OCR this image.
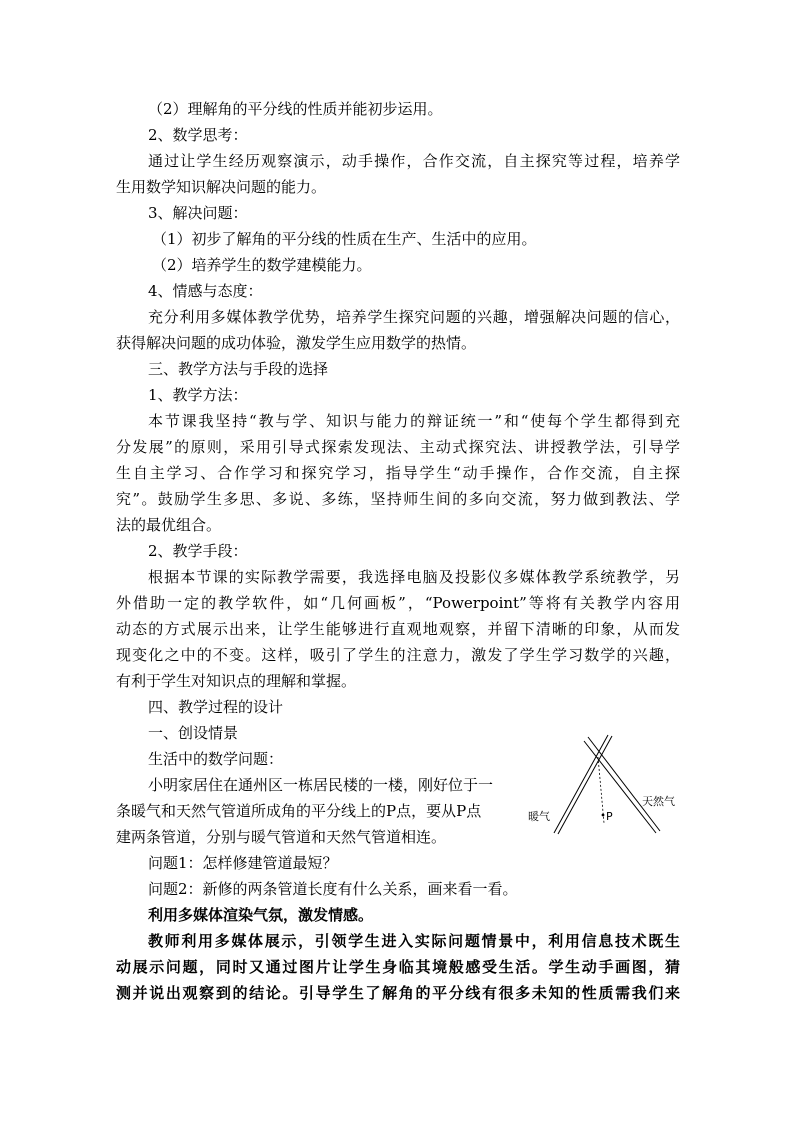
（2）理解角的平分线的性质并能初步运用。
2、数学思考：
通过让学生经历观察演示，动手操作，合作交流，自主探究等过程，培养学
生用数学知识解决问题的能力。
3、解决问题：
（1）初步了解角的平分线的性质在生产、生活中的应用。
（2）培养学生的数学建模能力。
4、情感与态度：
充分利用多媒体教学优势，培养学生探究问题的兴趣，增强解决问题的信心，
获得解决问题的成功体验，激发学生应用数学的热情。
三、教学方法与手段的选择
1、教学方法：
本节课我坚持“教与学、知识与能力的辩证统一”和“使每个学生都得到充
分发展”的原则，采用引导式探索发现法、主动式探究法、讲授教学法，引导学
生自主学习、合作学习和探究学习，指导学生“动手操作，合作交流，自主探
究”。鼓励学生多思、多说、多练，坚持师生间的多向交流，努力做到教法、学
法的最优组合。
2、教学手段：
根据本节课的实际教学需要，我选择电脑及投影仪多媒体教学系统教学，另
外借助一定的教学软件，如“几何画板”，“Powerpoint”等将有关教学内容用
动态的方式展示出来，让学生能够进行直观地观察，并留下清晰的印象，从而发
现变化之中的不变。这样，吸引了学生的注意力，激发了学生学习数学的兴趣，
有利于学生对知识点的理解和掌握。
四、教学过程的设计
一、创设情景
生活中的数学问题：
小明家居住在通州区一栋居民楼的一楼，刚好位于一
条暖气和天然气管道所成角的平分线上的P点，要从P点
建两条管道，分别与暖气管道和天然气管道相连。
问题1：怎样修建管道最短？
问题2：新修的两条管道长度有什么关系，画来看一看。
利用多媒体渲染气氛，激发情感。
教师利用多媒体展示，引领学生进入实际问题情景中，利用信息技术既生
动展示问题，同时又通过图片让学生身临其境般感受生活。学生动手画图，猜
测并说出观察到的结论。引导学生了解角的平分线有很多未知的性质需我们来
P
暖气
天然气
